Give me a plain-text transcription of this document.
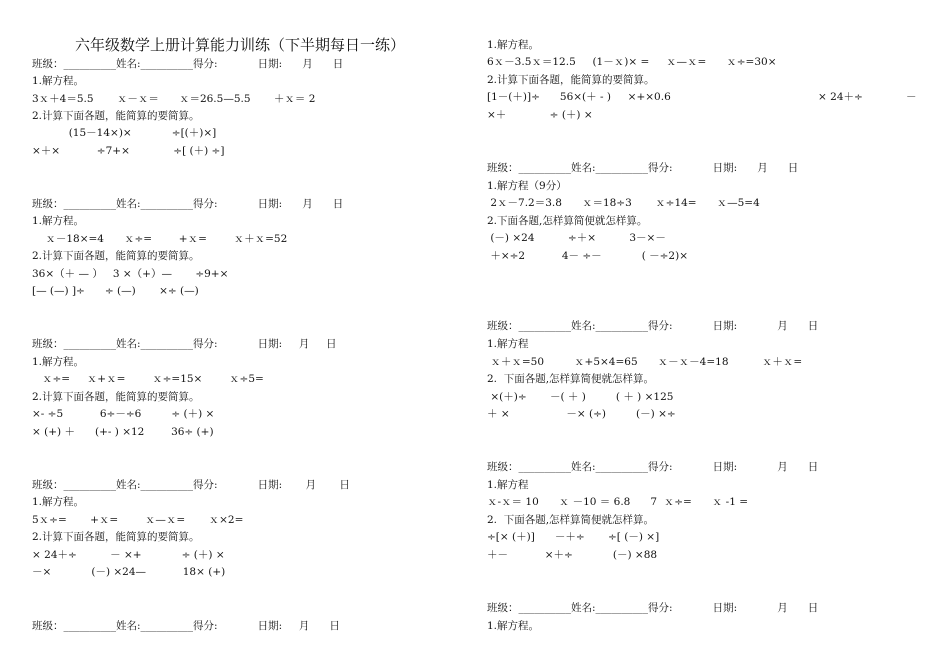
六年级数学上册计算能力训练（下半期每日一练）
班级：__________姓名:__________得分:            日期:      月      日
1.解方程。
3ｘ＋4＝5.5       ｘ－ｘ＝      ｘ＝26.5—5.5       ＋ｘ＝ 2
2.计算下面各题，能简算的要简算。
(15－14×)×            ÷[(＋)×]
×＋×           ÷7+×             ÷[ (＋) ÷]
班级：__________姓名:__________得分:            日期:      月      日
1.解方程。
ｘ－18×=4      ｘ÷=        +ｘ=        ｘ＋ｘ=52
2.计算下面各题，能简算的要简算。
36×（＋ — ）   3 ×（+）—       ÷9+×
[— (—) ]÷      ÷ (—)       ×÷ (—)
班级：__________姓名:__________得分:            日期:     月     日
1.解方程。
ｘ÷=     ｘ+ｘ=        ｘ÷=15×        ｘ÷5=
2.计算下面各题，能简算的要简算。
×- ÷5           6÷－÷6         ÷ (＋) ×
× (+) ＋      (+- ) ×12        36÷ (+)
班级：__________姓名:__________得分:            日期:       月       日
1.解方程。
5ｘ÷=       +ｘ=        ｘ—ｘ=       ｘ×2=
2.计算下面各题，能简算的要简算。
× 24＋÷          － ×+            ÷ (＋) ×
－×            (－) ×24—           18× (+)
班级：__________姓名:__________得分:            日期:     月      日
1.解方程。
6ｘ－3.5ｘ＝12.5     (1－ｘ)× =     ｘ—ｘ=      ｘ÷=30×
2.计算下面各题，能简算的要简算。
[1－(＋)]÷      56×(＋ - )     ×+×0.6	× 24＋÷	－
×＋             ÷ (＋) ×
班级：__________姓名:__________得分:            日期:      月      日
1.解方程（9分）
2ｘ－7.2＝3.8      ｘ＝18÷3       ｘ÷14=      ｘ—5=4
2.下面各题,怎样算简便就怎样算。
(－) ×24          ÷＋×          3－×－
＋×÷2           4－ ÷－            ( －÷2)×
班级：__________姓名:__________得分:            日期:            月      日
1.解方程
ｘ＋ｘ=50         ｘ+5×4=65      ｘ－ｘ－4=18          ｘ＋ｘ=
2.  下面各题,怎样算简便就怎样算。
×(＋)÷       －( ＋ )         ( ＋ ) ×125
＋ ×                 －× (÷)         (－) ×÷
班级：__________姓名:__________得分:            日期:            月      日
1.解方程
ｘ-ｘ＝ 10      ｘ －10 ＝ 6.8      7  ｘ÷=      ｘ -1 =
2.  下面各题,怎样算简便就怎样算。
÷[× (＋)]      －＋÷       ÷[ (－) ×]
＋－           ×＋÷            (－) ×88
班级：__________姓名:__________得分:            日期:            月      日
1.解方程。
